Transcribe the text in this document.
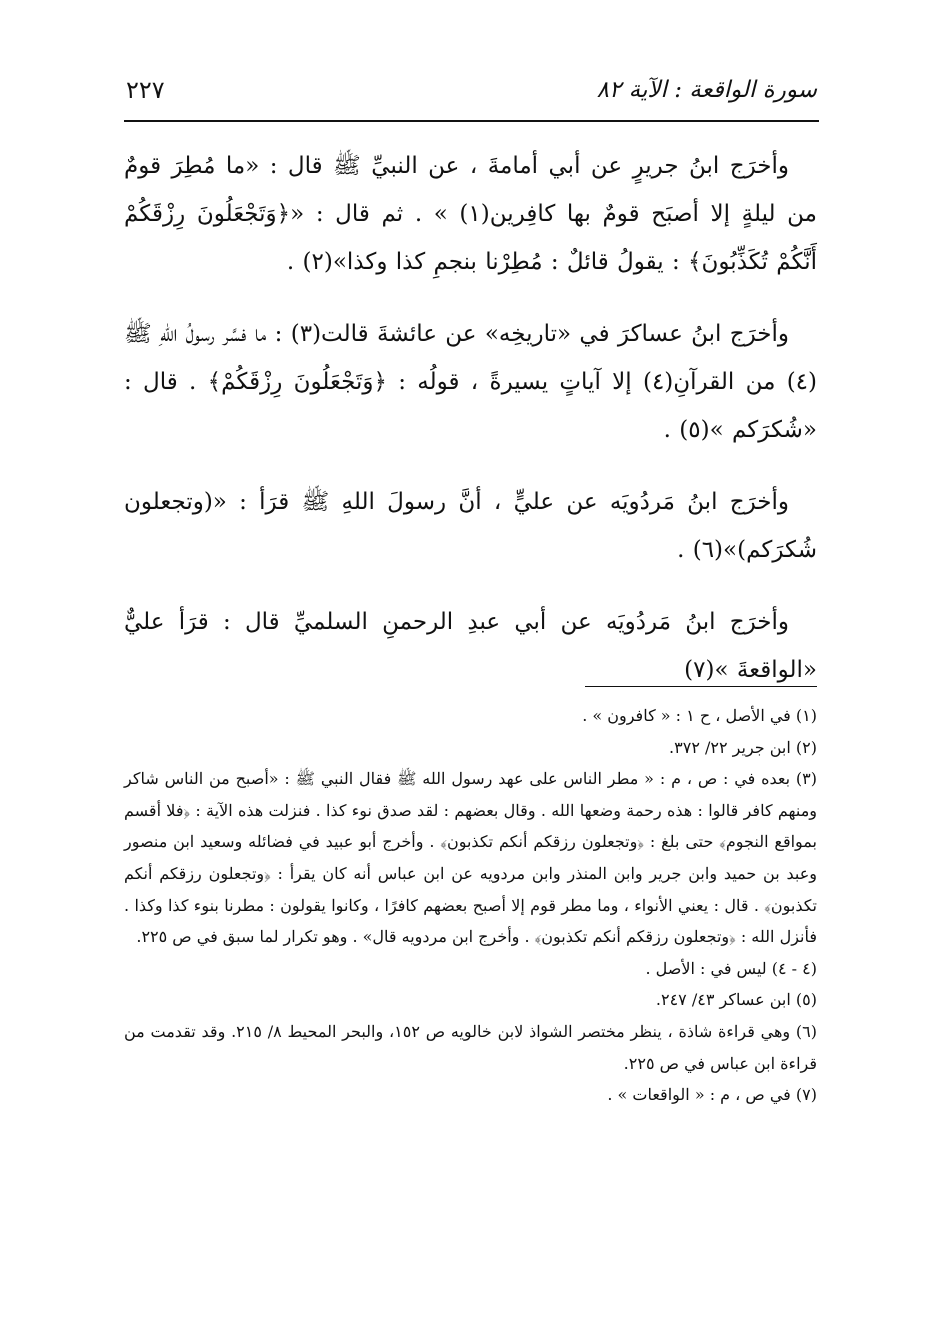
سورة الواقعة : الآية ٨٢
٢٢٧

وأخرَج ابنُ جريرٍ عن أبي أمامةَ ، عن النبيِّ ﷺ قال : «ما مُطِرَ قومٌ من ليلةٍ إلا أصبَح قومٌ بها كافِرين(١) » . ثم قال : «﴿وَتَجْعَلُونَ رِزْقَكُمْ أَنَّكُمْ تُكَذِّبُونَ﴾ : يقولُ قائلٌ : مُطِرْنا بنجمِ كذا وكذا»(٢) .

وأخرَج ابنُ عساكرَ في «تاريخِه» عن عائشةَ قالت(٣) : ما فسَّر رسولُ اللهِ ﷺ (٤) من القرآنِ(٤) إلا آياتٍ يسيرةً ، قولُه : ﴿وَتَجْعَلُونَ رِزْقَكُمْ﴾ . قال : «شُكرَكم »(٥) .

وأخرَج ابنُ مَردُويَه عن عليٍّ ، أنَّ رسولَ اللهِ ﷺ قرَأ : «(وتجعلون شُكرَكم)»(٦) .

وأخرَج ابنُ مَردُويَه عن أبي عبدِ الرحمنِ السلميِّ قال : قرَأ عليٌّ «الواقعةَ »(٧)

(١) في الأصل ، ح ١ : « كافرون » .

(٢) ابن جرير ٢٢/ ٣٧٢.

(٣) بعده في : ص ، م : « مطر الناس على عهد رسول الله ﷺ فقال النبي ﷺ : «أصبح من الناس شاكر ومنهم كافر قالوا : هذه رحمة وضعها الله . وقال بعضهم : لقد صدق نوء كذا . فنزلت هذه الآية : ﴿فلا أقسم بمواقع النجوم﴾ حتى بلغ : ﴿وتجعلون رزقكم أنكم تكذبون﴾ . وأخرج أبو عبيد في فضائله وسعيد ابن منصور وعبد بن حميد وابن جرير وابن المنذر وابن مردويه عن ابن عباس أنه كان يقرأ : ﴿وتجعلون رزقكم أنكم تكذبون﴾ . قال : يعني الأنواء ، وما مطر قوم إلا أصبح بعضهم كافرًا ، وكانوا يقولون : مطرنا بنوء كذا وكذا . فأنزل الله : ﴿وتجعلون رزقكم أنكم تكذبون﴾ . وأخرج ابن مردويه قال» . وهو تكرار لما سبق في ص ٢٢٥.

(٤ - ٤) ليس في : الأصل .

(٥) ابن عساكر ٤٣/ ٢٤٧.

(٦) وهي قراءة شاذة ، ينظر مختصر الشواذ لابن خالويه ص ١٥٢، والبحر المحيط ٨/ ٢١٥. وقد تقدمت من قراءة ابن عباس في ص ٢٢٥.

(٧) في ص ، م : « الواقعات » .
